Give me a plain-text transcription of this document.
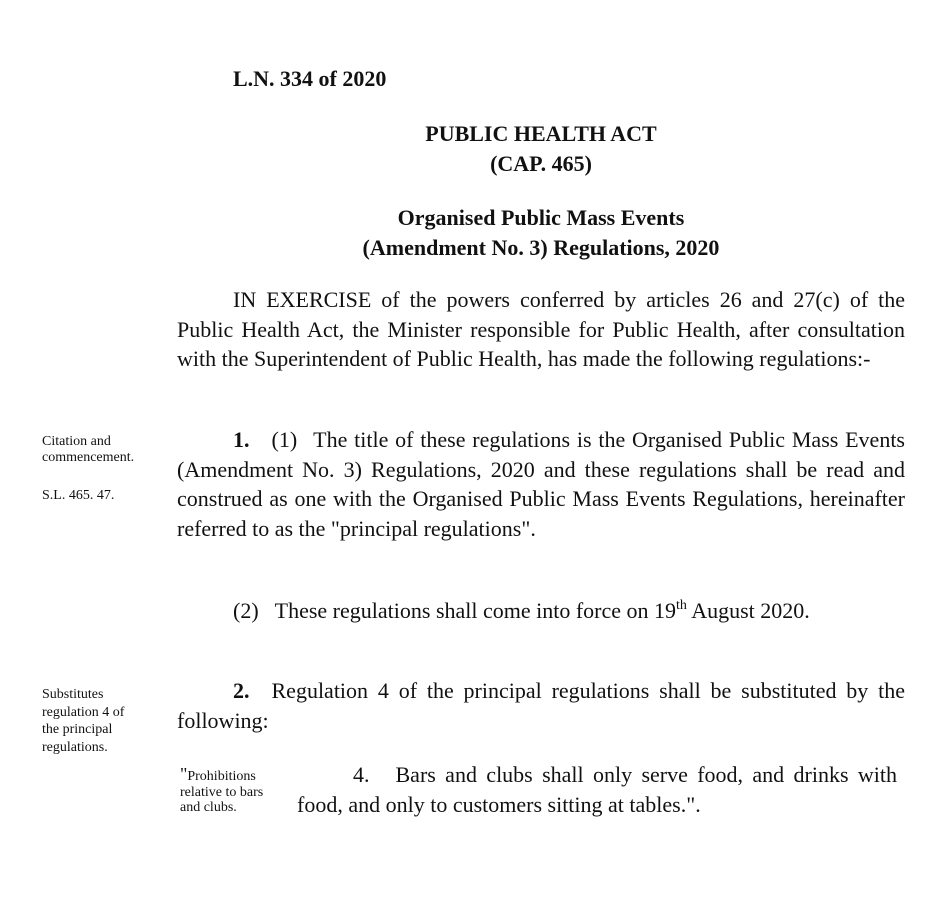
L.N. 334 of 2020
PUBLIC HEALTH ACT
(CAP. 465)
Organised Public Mass Events
(Amendment No. 3) Regulations, 2020
IN EXERCISE of the powers conferred by articles 26 and 27(c) of the Public Health Act, the Minister responsible for Public Health, after consultation with the Superintendent of Public Health, has made the following regulations:-
Citation and
commencement.
S.L. 465. 47.
1. (1) The title of these regulations is the Organised Public Mass Events (Amendment No. 3) Regulations, 2020 and these regulations shall be read and construed as one with the Organised Public Mass Events Regulations, hereinafter referred to as the "principal regulations".
(2) These regulations shall come into force on 19th August 2020.
Substitutes
regulation 4 of
the principal
regulations.
2. Regulation 4 of the principal regulations shall be substituted by the following:
"Prohibitions
relative to bars
and clubs.
4. Bars and clubs shall only serve food, and drinks with food, and only to customers sitting at tables.".
